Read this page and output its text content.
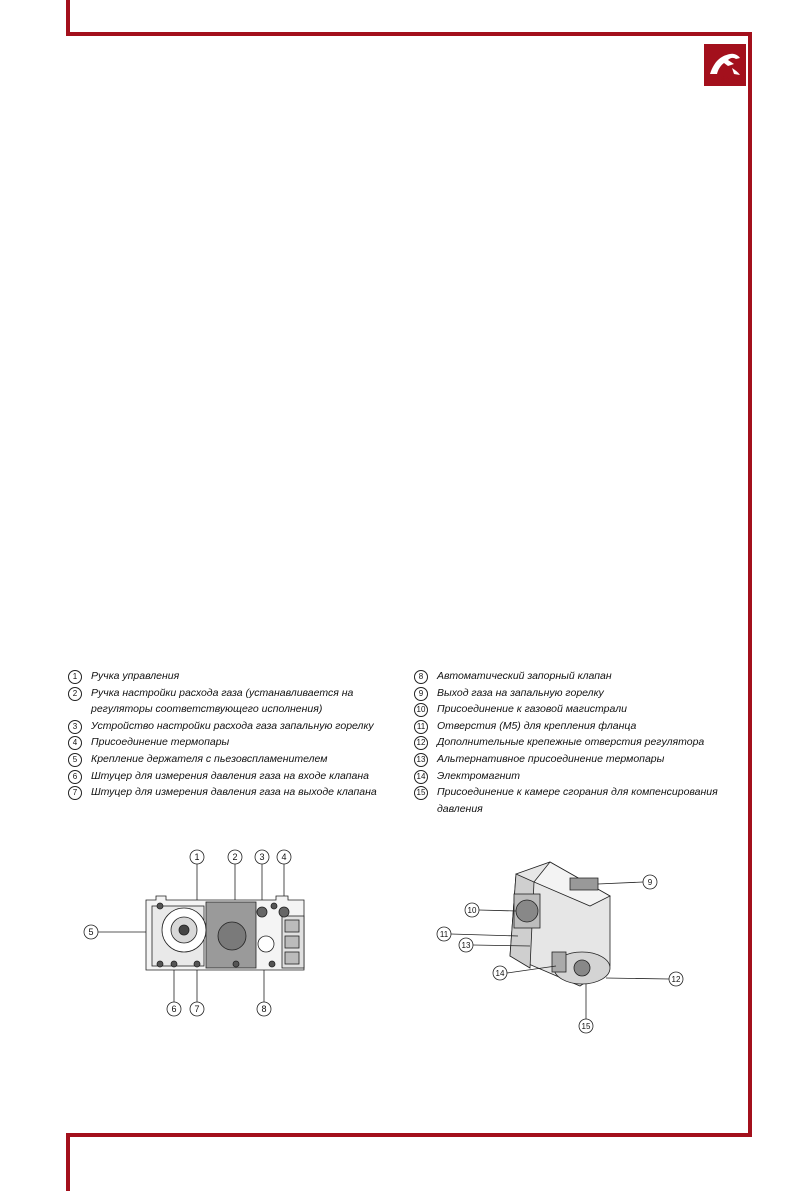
ЛЕМАКС
1	Ручка управления
2	Ручка настройки расхода газа (устанавливается на регуляторы соответствующего исполнения)
3	Устройство настройки расхода газа запальную горелку
4	Присоединение термопары
5	Крепление держателя с пьезовспламенителем
6	Штуцер для измерения давления газа на входе клапана
7	Штуцер для измерения давления газа на выходе клапана
8	Автоматический запорный клапан
9	Выход газа на запальную горелку
10 Присоединение к газовой магистрали
11 Отверстия (М5) для крепления фланца
12 Дополнительные крепежные отверстия регулятора
13 Альтернативное присоединение термопары
14 Электромагнит
15 Присоединение к камере сгорания для компенсирования давления
1	2 3 4
5
6 7	8
9
10
11
13
14
12
15
